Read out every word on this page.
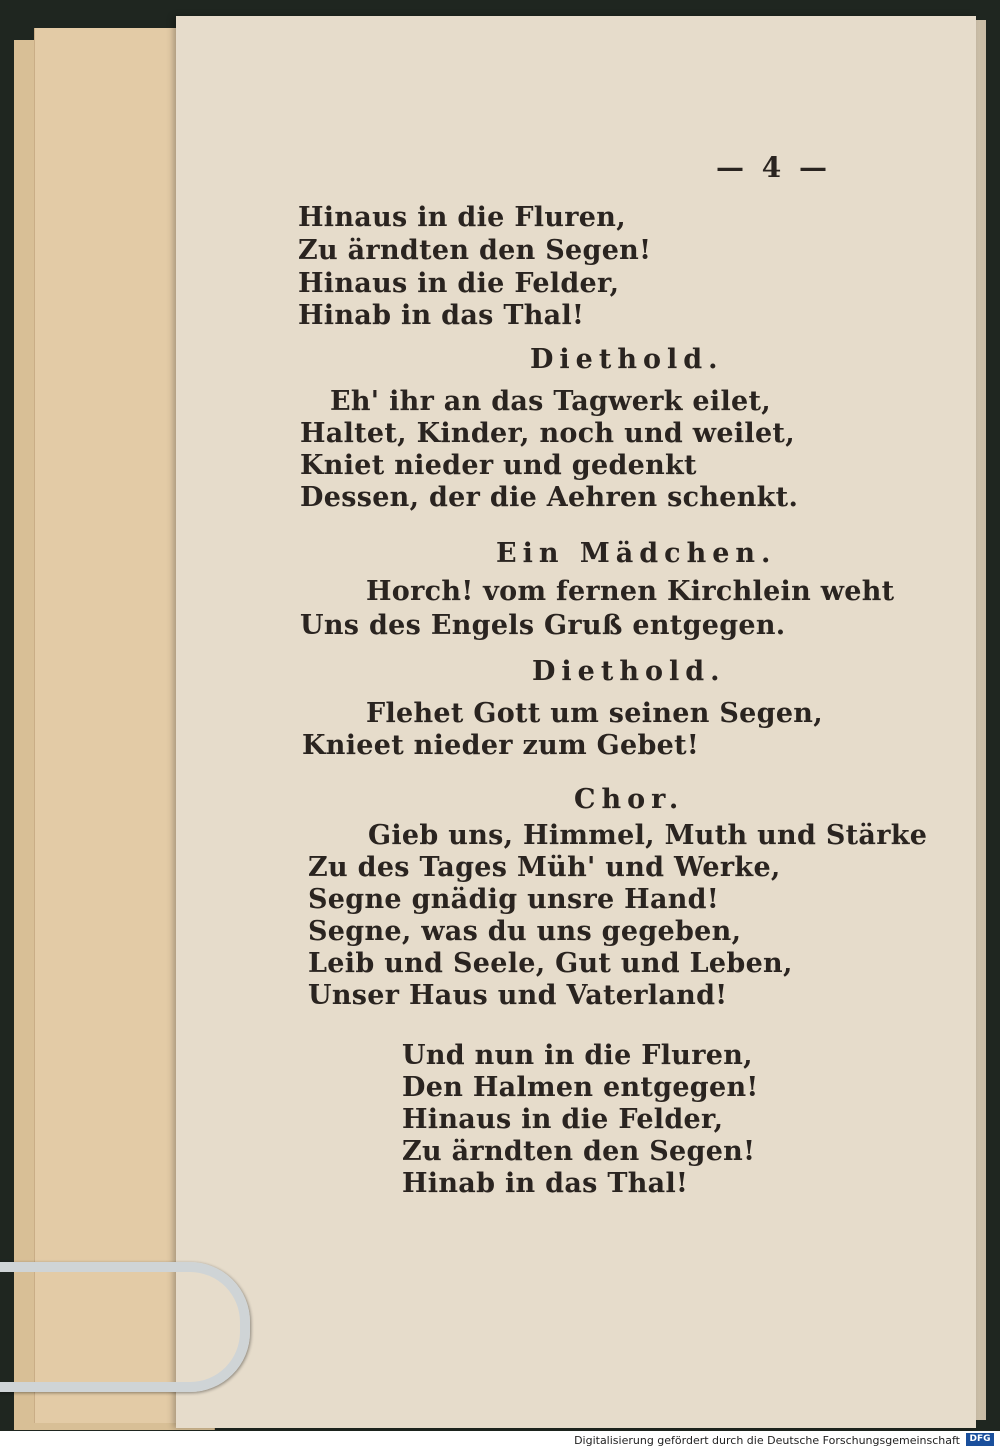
— 4 —
Hinaus in die Fluren,
Zu ärndten den Segen!
Hinaus in die Felder,
Hinab in das Thal!
Diethold.
Eh' ihr an das Tagwerk eilet,
Haltet, Kinder, noch und weilet,
Kniet nieder und gedenkt
Dessen, der die Aehren schenkt.
Ein Mädchen.
Horch! vom fernen Kirchlein weht
Uns des Engels Gruß entgegen.
Diethold.
Flehet Gott um seinen Segen,
Knieet nieder zum Gebet!
Chor.
Gieb uns, Himmel, Muth und Stärke
Zu des Tages Müh' und Werke,
Segne gnädig unsre Hand!
Segne, was du uns gegeben,
Leib und Seele, Gut und Leben,
Unser Haus und Vaterland!
Und nun in die Fluren,
Den Halmen entgegen!
Hinaus in die Felder,
Zu ärndten den Segen!
Hinab in das Thal!
Digitalisierung gefördert durch die Deutsche Forschungsgemeinschaft	DFG
